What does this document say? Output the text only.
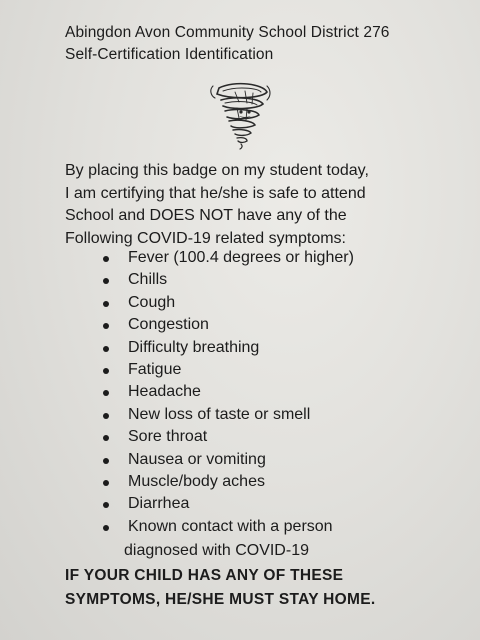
Abingdon Avon Community School District 276
Self-Certification Identification
By placing this badge on my student today,
I am certifying that he/she is safe to attend
School and DOES NOT have any of the
Following COVID-19 related symptoms:
Fever (100.4 degrees or higher)
Chills
Cough
Congestion
Difficulty breathing
Fatigue
Headache
New loss of taste or smell
Sore throat
Nausea or vomiting
Muscle/body aches
Diarrhea
Known contact with a person
diagnosed with COVID-19
IF YOUR CHILD HAS ANY OF THESE
SYMPTOMS, HE/SHE MUST STAY HOME.
